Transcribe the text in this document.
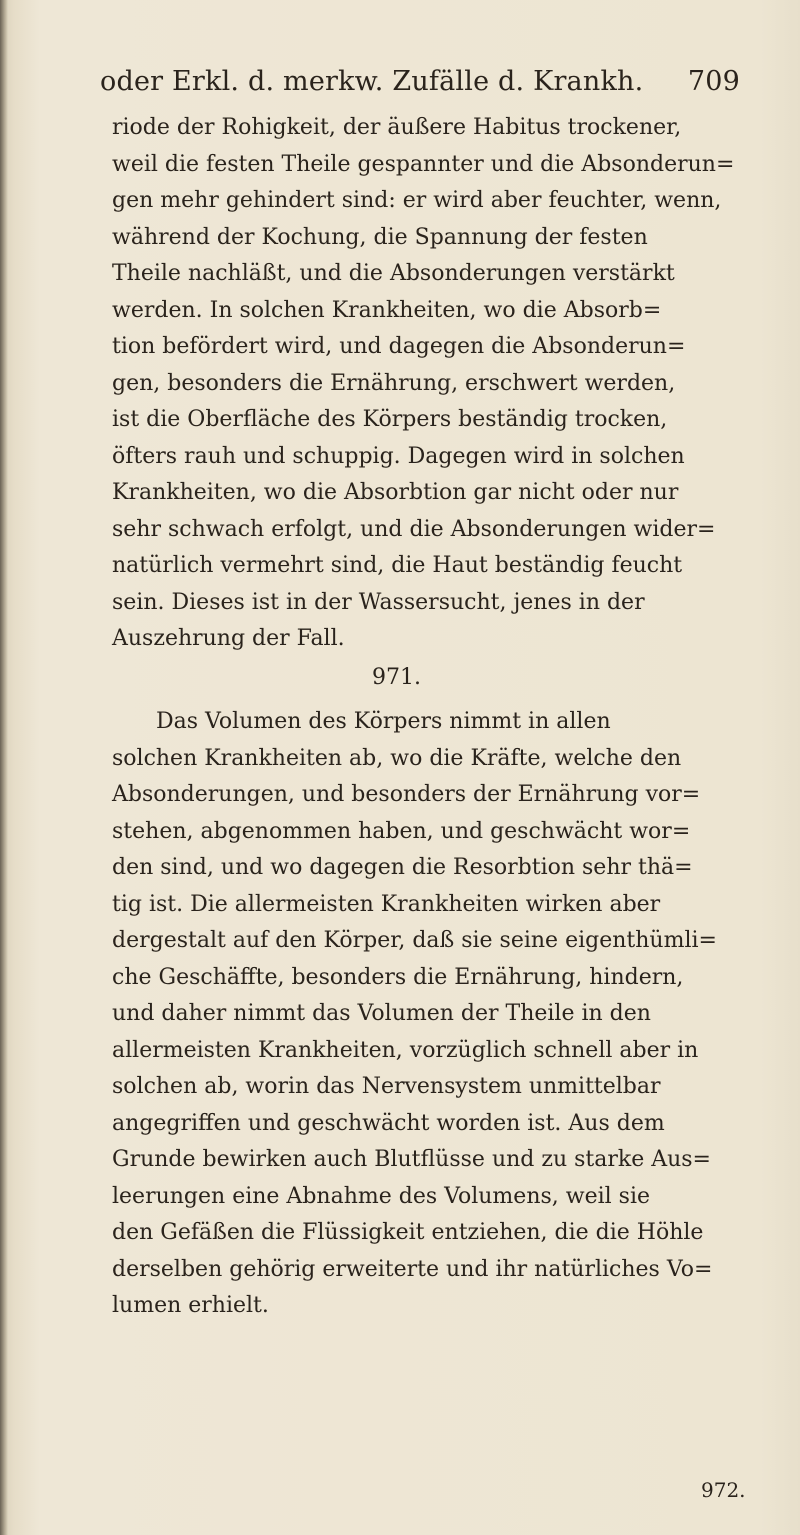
oder Erkl. d. merkw. Zufälle d. Krankh. 709
riode der Rohigkeit, der äußere Habitus trockener,
weil die festen Theile gespannter und die Absonderun=
gen mehr gehindert sind: er wird aber feuchter, wenn,
während der Kochung, die Spannung der festen
Theile nachläßt, und die Absonderungen verstärkt
werden. In solchen Krankheiten, wo die Absorb=
tion befördert wird, und dagegen die Absonderun=
gen, besonders die Ernährung, erschwert werden,
ist die Oberfläche des Körpers beständig trocken,
öfters rauh und schuppig. Dagegen wird in solchen
Krankheiten, wo die Absorbtion gar nicht oder nur
sehr schwach erfolgt, und die Absonderungen wider=
natürlich vermehrt sind, die Haut beständig feucht
sein. Dieses ist in der Wassersucht, jenes in der
Auszehrung der Fall.
971.
Das Volumen des Körpers nimmt in allen
solchen Krankheiten ab, wo die Kräfte, welche den
Absonderungen, und besonders der Ernährung vor=
stehen, abgenommen haben, und geschwächt wor=
den sind, und wo dagegen die Resorbtion sehr thä=
tig ist. Die allermeisten Krankheiten wirken aber
dergestalt auf den Körper, daß sie seine eigenthümli=
che Geschäffte, besonders die Ernährung, hindern,
und daher nimmt das Volumen der Theile in den
allermeisten Krankheiten, vorzüglich schnell aber in
solchen ab, worin das Nervensystem unmittelbar
angegriffen und geschwächt worden ist. Aus dem
Grunde bewirken auch Blutflüsse und zu starke Aus=
leerungen eine Abnahme des Volumens, weil sie
den Gefäßen die Flüssigkeit entziehen, die die Höhle
derselben gehörig erweiterte und ihr natürliches Vo=
lumen erhielt.
972.
